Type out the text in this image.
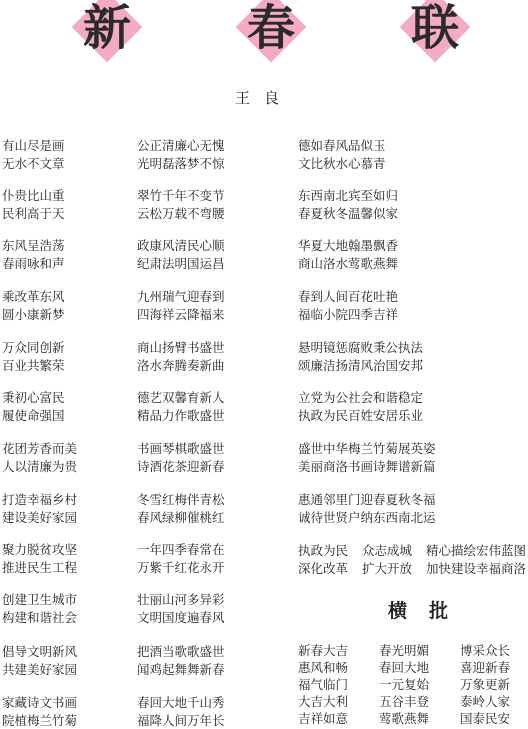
新	春	联
王良
有山尽是画
无水不文章
仆贵比山重
民利高于天
东风呈浩荡
春雨咏和声
乘改革东风
圆小康新梦
万众同创新
百业共繁荣
秉初心富民
履使命强国
花团芳香而美
人以清廉为贵
打造幸福乡村
建设美好家园
聚力脱贫攻坚
推进民生工程
创建卫生城市
构建和谐社会
倡导文明新风
共建美好家园
家藏诗文书画
院植梅兰竹菊
公正清廉心无愧
光明磊落梦不惊
翠竹千年不变节
云松万载不弯腰
政康风清民心顺
纪肃法明国运昌
九州瑞气迎春到
四海祥云降福来
商山扬臂书盛世
洛水奔腾奏新曲
德艺双馨育新人
精品力作歌盛世
书画琴棋歌盛世
诗酒花茶迎新春
冬雪红梅伴青松
春风绿柳催桃红
一年四季春常在
万紫千红花永开
壮丽山河多异彩
文明国度遍春风
把酒当歌歌盛世
闻鸡起舞舞新春
春回大地千山秀
福降人间万年长
德如春风品似玉
文比秋水心慕青
东西南北宾至如归
春夏秋冬温馨似家
华夏大地翰墨飘香
商山洛水莺歌燕舞
春到人间百花吐艳
福临小院四季吉祥
悬明镜惩腐败秉公执法
颂廉洁扬清风治国安邦
立党为公社会和谐稳定
执政为民百姓安居乐业
盛世中华梅兰竹菊展英姿
美丽商洛书画诗舞谱新篇
惠通邻里门迎春夏秋冬福
诚待世贤户纳东西南北运
执政为民 众志成城 精心描绘宏伟蓝图
深化改革 扩大开放 加快建设幸福商洛
横批
新春大吉 春光明媚 博采众长
惠风和畅 春回大地 喜迎新春
福气临门 一元复始 万象更新
大吉大利 五谷丰登 泰岭人家
吉祥如意 莺歌燕舞 国泰民安
